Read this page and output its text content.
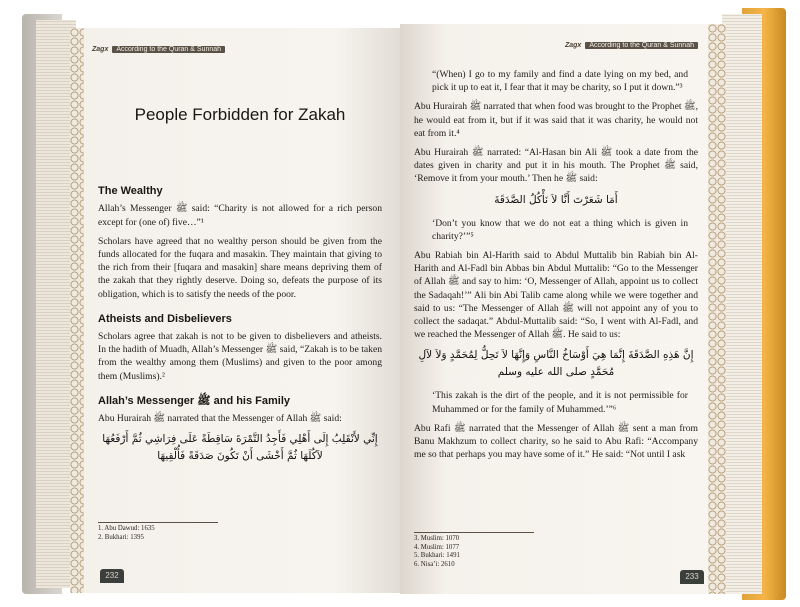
Zagx	According to the Quran & Sunnah
People Forbidden for Zakah
The Wealthy

Allah’s Messenger ﷺ said: “Charity is not allowed for a rich person except for (one of) five…”¹

Scholars have agreed that no wealthy person should be given from the funds allocated for the fuqara and masakin. They maintain that giving to the rich from their [fuqara and masakin] share means depriving them of the zakah that they rightly deserve. Doing so, defeats the purpose of its obligation, which is to satisfy the needs of the poor.

Atheists and Disbelievers

Scholars agree that zakah is not to be given to disbelievers and atheists. In the hadith of Muadh, Allah’s Messenger ﷺ said, “Zakah is to be taken from the wealthy among them (Muslims) and given to the poor among them (Muslims).²

Allah’s Messenger ﷺ and his Family

Abu Hurairah ﷺ narrated that the Messenger of Allah ﷺ said:

إِنِّي لأَنْقَلِبُ إِلَى أَهْلِي فَأَجِدُ التَّمْرَةَ سَاقِطَةً عَلَى فِرَاشِي ثُمَّ أَرْفَعُهَا لآكُلَهَا ثُمَّ أَخْشَى أَنْ تَكُونَ صَدَقَةً فَأُلْقِيهَا
1. Abu Dawud: 1635
2. Bukhari: 1395
232
Zagx	According to the Quran & Sunnah

“(When) I go to my family and find a date lying on my bed, and pick it up to eat it, I fear that it may be charity, so I put it down.”³

Abu Hurairah ﷺ narrated that when food was brought to the Prophet ﷺ, he would eat from it, but if it was said that it was charity, he would not eat from it.⁴

Abu Hurairah ﷺ narrated: “Al-Hasan bin Ali ﷺ took a date from the dates given in charity and put it in his mouth. The Prophet ﷺ said, ‘Remove it from your mouth.’ Then he ﷺ said:

أَمَا شَعَرْتَ أَنَّا لاَ نَأْكُلُ الصَّدَقَةَ

‘Don’t you know that we do not eat a thing which is given in charity?’”⁵

Abu Rabiah bin Al-Harith said to Abdul Muttalib bin Rabiah bin Al-Harith and Al-Fadl bin Abbas bin Abdul Muttalib: “Go to the Messenger of Allah ﷺ and say to him: ‘O, Messenger of Allah, appoint us to collect the Sadaqah!’” Ali bin Abi Talib came along while we were together and said to us: “The Messenger of Allah ﷺ will not appoint any of you to collect the sadaqat.” Abdul-Muttalib said: “So, I went with Al-Fadl, and we reached the Messenger of Allah ﷺ. He said to us:

إِنَّ هَذِهِ الصَّدَقَةَ إِنَّمَا هِيَ أَوْسَاخُ النَّاسِ وَإِنَّهَا لاَ تَحِلُّ لِمُحَمَّدٍ وَلاَ لآلِ مُحَمَّدٍ صلى الله عليه وسلم

‘This zakah is the dirt of the people, and it is not permissible for Muhammed or for the family of Muhammed.’”⁶

Abu Rafi ﷺ narrated that the Messenger of Allah ﷺ sent a man from Banu Makhzum to collect charity, so he said to Abu Rafi: “Accompany me so that perhaps you may have some of it.” He said: “Not until I ask

3. Muslim: 1070
4. Muslim: 1077
5. Bukhari: 1491
6. Nisa’i: 2610
233
